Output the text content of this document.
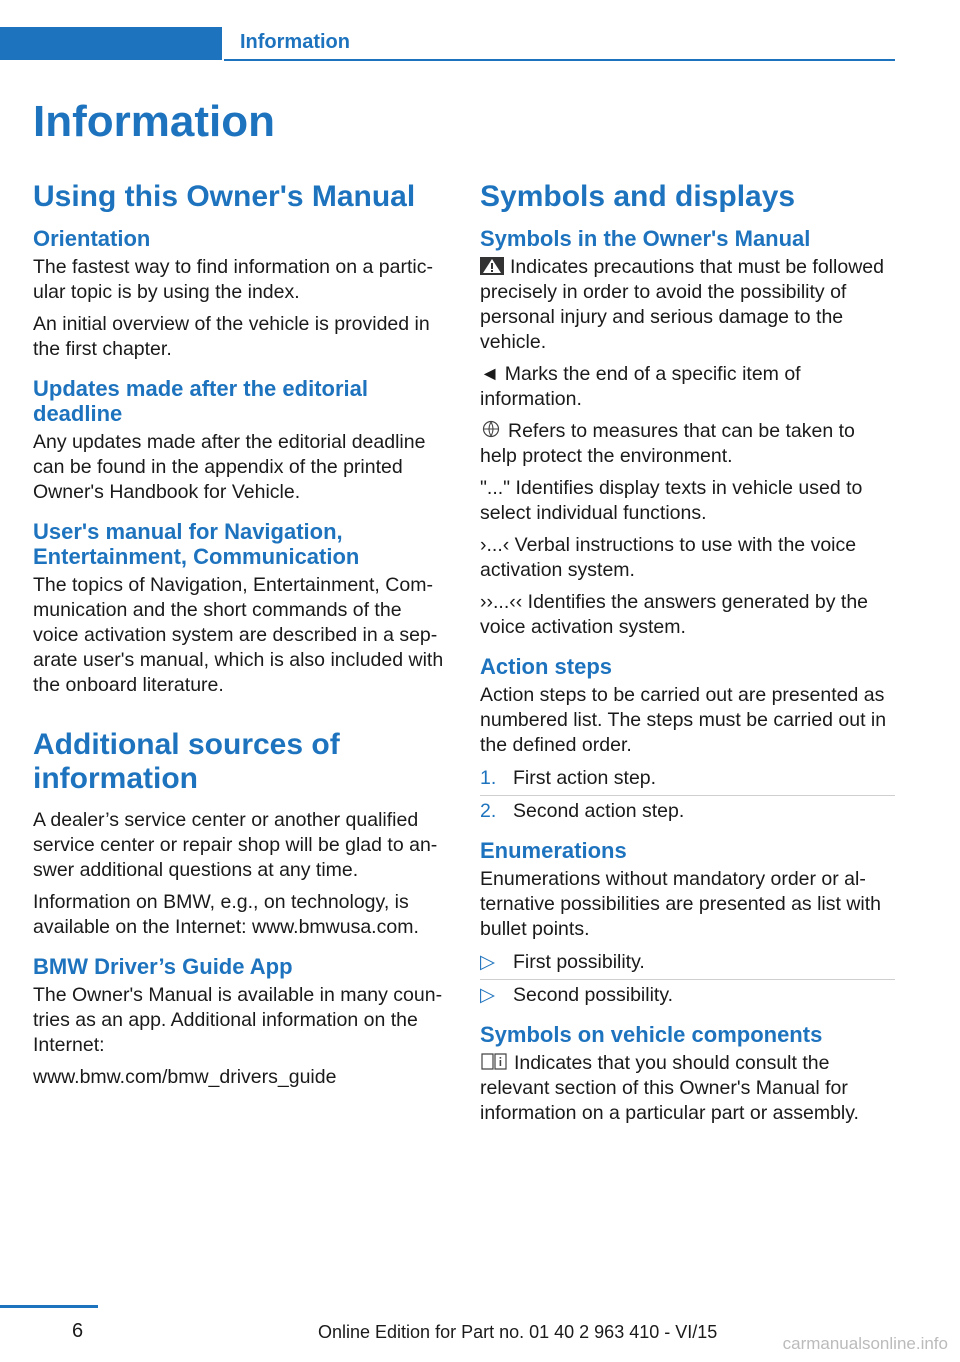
Information
Information
Using this Owner's Manual
Orientation

The fastest way to find information on a particular topic is by using the index.

An initial overview of the vehicle is provided in the first chapter.

Updates made after the editorial deadline

Any updates made after the editorial deadline can be found in the appendix of the printed Owner's Handbook for Vehicle.

User's manual for Navigation, Entertainment, Communication

The topics of Navigation, Entertainment, Communication and the short commands of the voice activation system are described in a separate user's manual, which is also included with the onboard literature.

Additional sources of information

A dealer’s service center or another qualified service center or repair shop will be glad to answer additional questions at any time.

Information on BMW, e.g., on technology, is available on the Internet: www.bmwusa.com.

BMW Driver’s Guide App

The Owner's Manual is available in many countries as an app. Additional information on the Internet:

www.bmw.com/bmw_drivers_guide

Symbols and displays
Symbols in the Owner's Manual

Indicates precautions that must be followed precisely in order to avoid the possibility of personal injury and serious damage to the vehicle.

◄ Marks the end of a specific item of information.

Refers to measures that can be taken to help protect the environment.

"..." Identifies display texts in vehicle used to select individual functions.

›...‹ Verbal instructions to use with the voice activation system.

››...‹‹ Identifies the answers generated by the voice activation system.

Action steps

Action steps to be carried out are presented as numbered list. The steps must be carried out in the defined order.

1. First action step.
2. Second action step.
Enumerations

Enumerations without mandatory order or alternative possibilities are presented as list with bullet points.

▷ First possibility.
▷ Second possibility.
Symbols on vehicle components

Indicates that you should consult the relevant section of this Owner's Manual for information on a particular part or assembly.

6	Online Edition for Part no. 01 40 2 963 410 - VI/15
carmanualsonline.info
